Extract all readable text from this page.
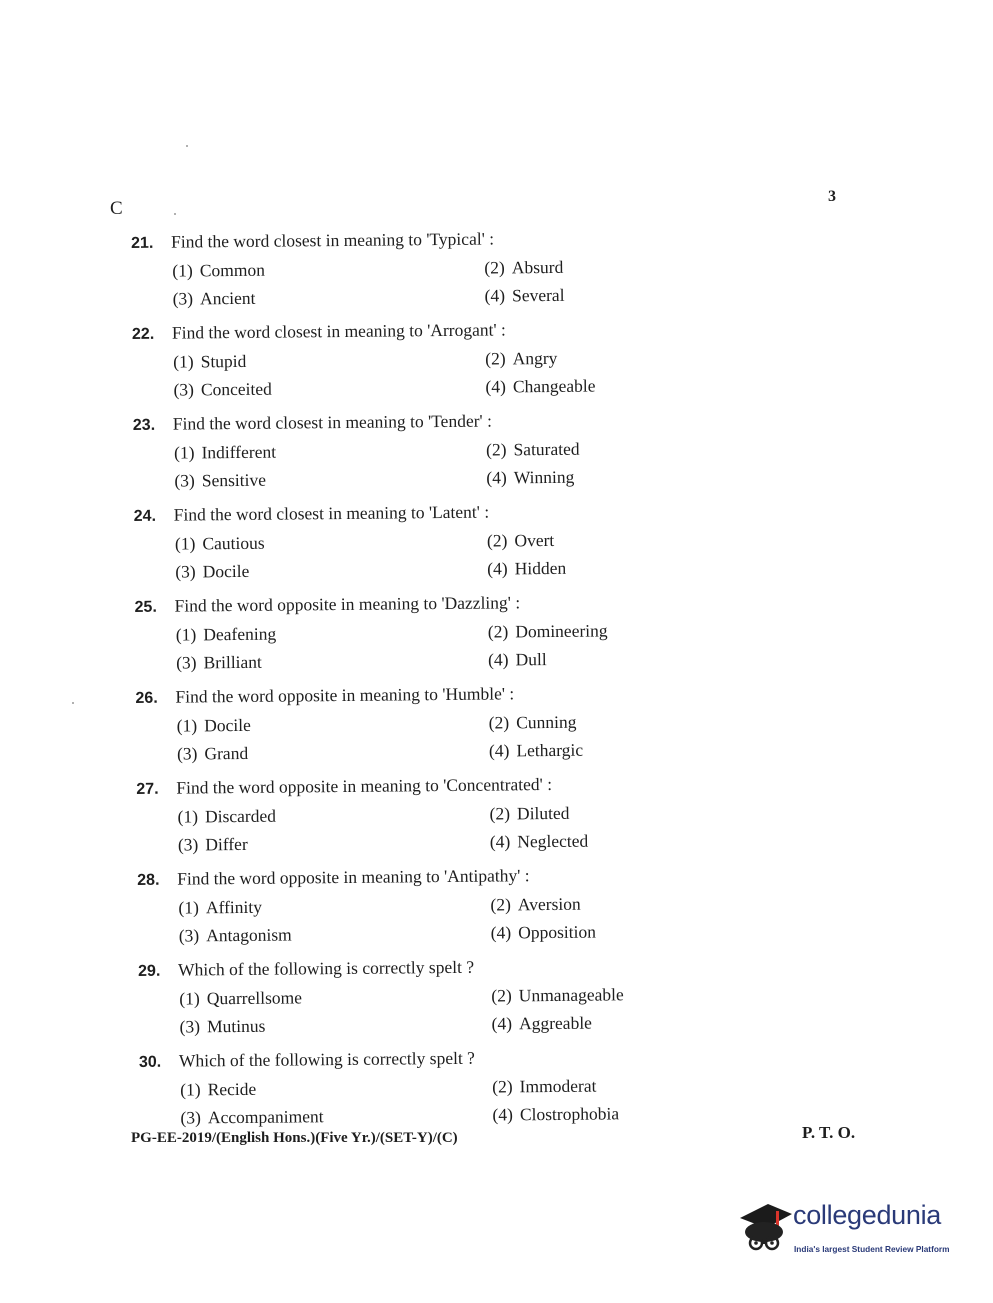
C
3
21.	Find the word closest in meaning to 'Typical' :
(1) Common	(2) Absurd
(3) Ancient	(4) Several
22.	Find the word closest in meaning to 'Arrogant' :
(1) Stupid	(2) Angry
(3) Conceited	(4) Changeable
23.	Find the word closest in meaning to 'Tender' :
(1) Indifferent	(2) Saturated
(3) Sensitive	(4) Winning
24.	Find the word closest in meaning to 'Latent' :
(1) Cautious	(2) Overt
(3) Docile	(4) Hidden
25.	Find the word opposite in meaning to 'Dazzling' :
(1) Deafening	(2) Domineering
(3) Brilliant	(4) Dull
26.	Find the word opposite in meaning to 'Humble' :
(1) Docile	(2) Cunning
(3) Grand	(4) Lethargic
27.	Find the word opposite in meaning to 'Concentrated' :
(1) Discarded	(2) Diluted
(3) Differ	(4) Neglected
28.	Find the word opposite in meaning to 'Antipathy' :
(1) Affinity	(2) Aversion
(3) Antagonism	(4) Opposition
29.	Which of the following is correctly spelt ?
(1) Quarrellsome	(2) Unmanageable
(3) Mutinus	(4) Aggreable
30.	Which of the following is correctly spelt ?
(1) Recide	(2) Immoderat
(3) Accompaniment	(4) Clostrophobia
PG-EE-2019/(English Hons.)(Five Yr.)/(SET-Y)/(C)	P. T. O.
collegedunia
India's largest Student Review Platform
